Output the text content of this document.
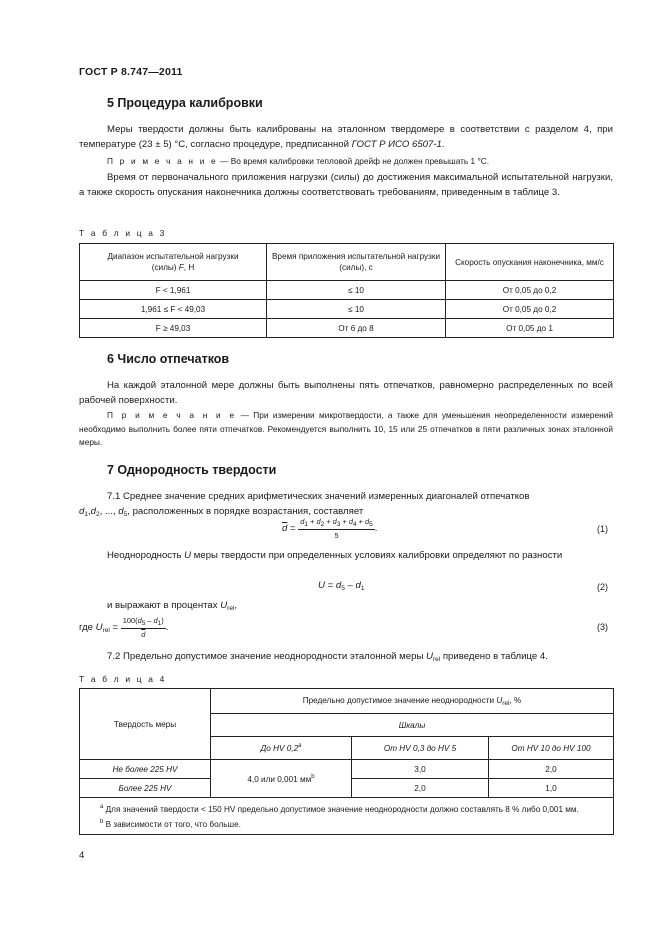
ГОСТ Р 8.747—2011
5 Процедура калибровки
Меры твердости должны быть калиброваны на эталонном твердомере в соответствии с разделом 4, при температуре (23 ± 5) °С, согласно процедуре, предписанной ГОСТ Р ИСО 6507-1.
П р и м е ч а н и е — Во время калибровки тепловой дрейф не должен превышать 1 °С.
Время от первоначального приложения нагрузки (силы) до достижения максимальной испытательной нагрузки, а также скорость опускания наконечника должны соответствовать требованиям, приведенным в таблице 3.
Т а б л и ц а 3
Диапазон испытательной нагрузки
(силы) F, Н	Время приложения испытательной нагрузки (силы), с	Скорость опускания наконечника, мм/с
F < 1,961	≤ 10	От 0,05 до 0,2
1,961 ≤ F < 49,03	≤ 10	От 0,05 до 0,2
F ≥ 49,03	От 6 до 8	От 0,05 до 1
6 Число отпечатков
На каждой эталонной мере должны быть выполнены пять отпечатков, равномерно распределенных по всей рабочей поверхности.
П р и м е ч а н и е — При измерении микротвердости, а также для уменьшения неопределенности измерений необходимо выполнить более пяти отпечатков. Рекомендуется выполнить 10, 15 или 25 отпечатков в пяти различных зонах эталонной меры.
7 Однородность твердости
7.1 Среднее значение средних арифметических значений измеренных диагоналей отпечатков
$d_1,d_2$, ..., $d_5$, расположенных в порядке возрастания, составляет
$\overline{d} = \frac{d1 + d2 + d3 + d4 + d5}{5}$ .	(1)
Неоднородность U меры твердости при определенных условиях калибровки определяют по разности
$U = d_5 - d_1$	(2)
и выражают в процентах $U_{rel}$,
где $U_{rel} = \frac{100(d5 - d1)}{d}$ .	(3)
7.2 Предельно допустимое значение неоднородности эталонной меры $U_{rel}$ приведено в таблице 4.
Т а б л и ц а 4
Твердость меры	Предельно допустимое значение неоднородности $U_{rel}$, %		
	Шкалы		
	До HV 0,2$^a$	От HV 0,3 до HV 5	От HV 10 до HV 100
Не более 225 HV	4,0 или 0,001 $мм^b$	3,0	2,0
Более 225 HV		2,0	1,0

$^a$ Для значений твердости < 150 HV предельно допустимое значение неоднородности должно составлять 8 % либо 0,001 мм.
$^b$ В зависимости от того, что больше.			
4
